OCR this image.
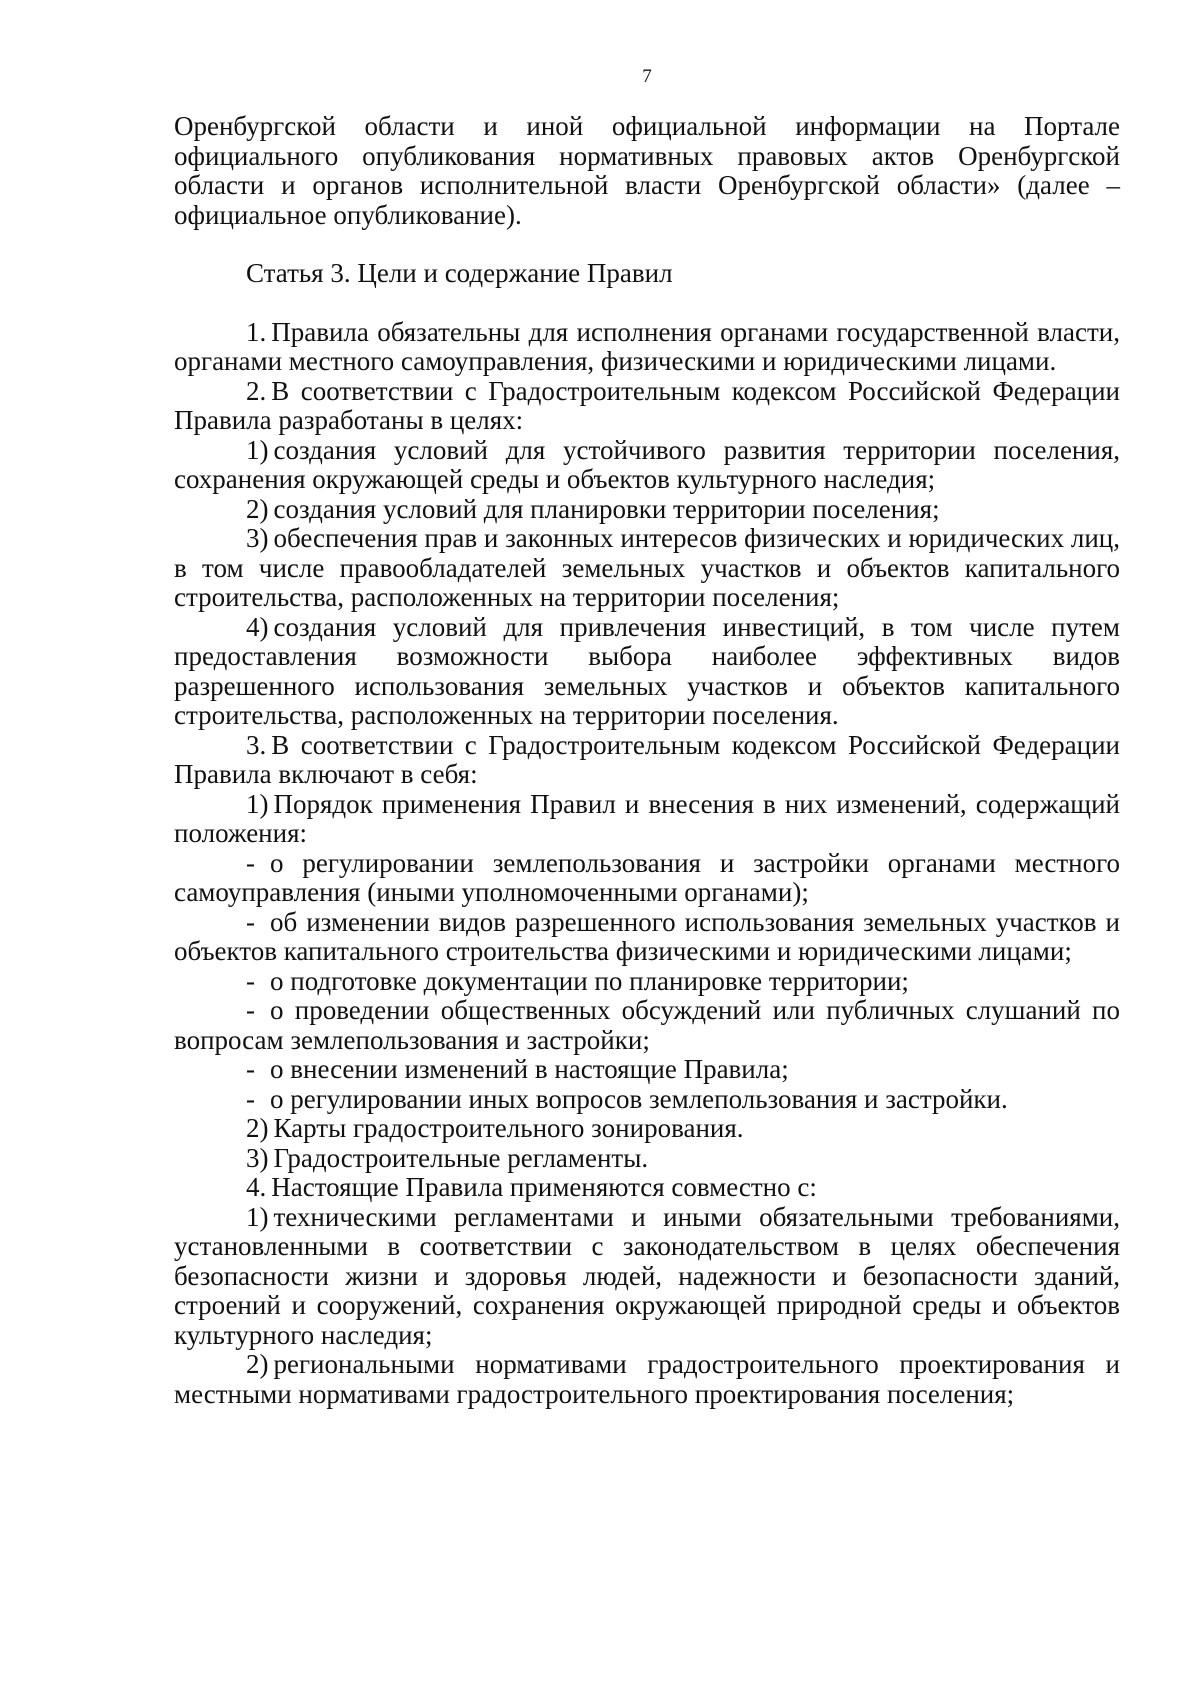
7

Оренбургской области и иной официальной информации на Портале официального опубликования нормативных правовых актов Оренбургской области и органов исполнительной власти Оренбургской области» (далее – официальное опубликование).

Статья 3. Цели и содержание Правил

1. Правила обязательны для исполнения органами государственной власти, органами местного самоуправления, физическими и юридическими лицами.

2. В соответствии с Градостроительным кодексом Российской Федерации Правила разработаны в целях:

1) создания условий для устойчивого развития территории поселения, сохранения окружающей среды и объектов культурного наследия;

2) создания условий для планировки территории поселения;

3) обеспечения прав и законных интересов физических и юридических лиц, в том числе правообладателей земельных участков и объектов капитального строительства, расположенных на территории поселения;

4) создания условий для привлечения инвестиций, в том числе путем предоставления возможности выбора наиболее эффективных видов разрешенного использования земельных участков и объектов капитального строительства, расположенных на территории поселения.

3. В соответствии с Градостроительным кодексом Российской Федерации Правила включают в себя:

1) Порядок применения Правил и внесения в них изменений, содержащий положения:

- о регулировании землепользования и застройки органами местного самоуправления (иными уполномоченными органами);

- об изменении видов разрешенного использования земельных участков и объектов капитального строительства физическими и юридическими лицами;

- о подготовке документации по планировке территории;

- о проведении общественных обсуждений или публичных слушаний по вопросам землепользования и застройки;

- о внесении изменений в настоящие Правила;

- о регулировании иных вопросов землепользования и застройки.

2) Карты градостроительного зонирования.

3) Градостроительные регламенты.

4. Настоящие Правила применяются совместно с:

1) техническими регламентами и иными обязательными требованиями, установленными в соответствии с законодательством в целях обеспечения безопасности жизни и здоровья людей, надежности и безопасности зданий, строений и сооружений, сохранения окружающей природной среды и объектов культурного наследия;

2) региональными нормативами градостроительного проектирования и местными нормативами градостроительного проектирования поселения;
